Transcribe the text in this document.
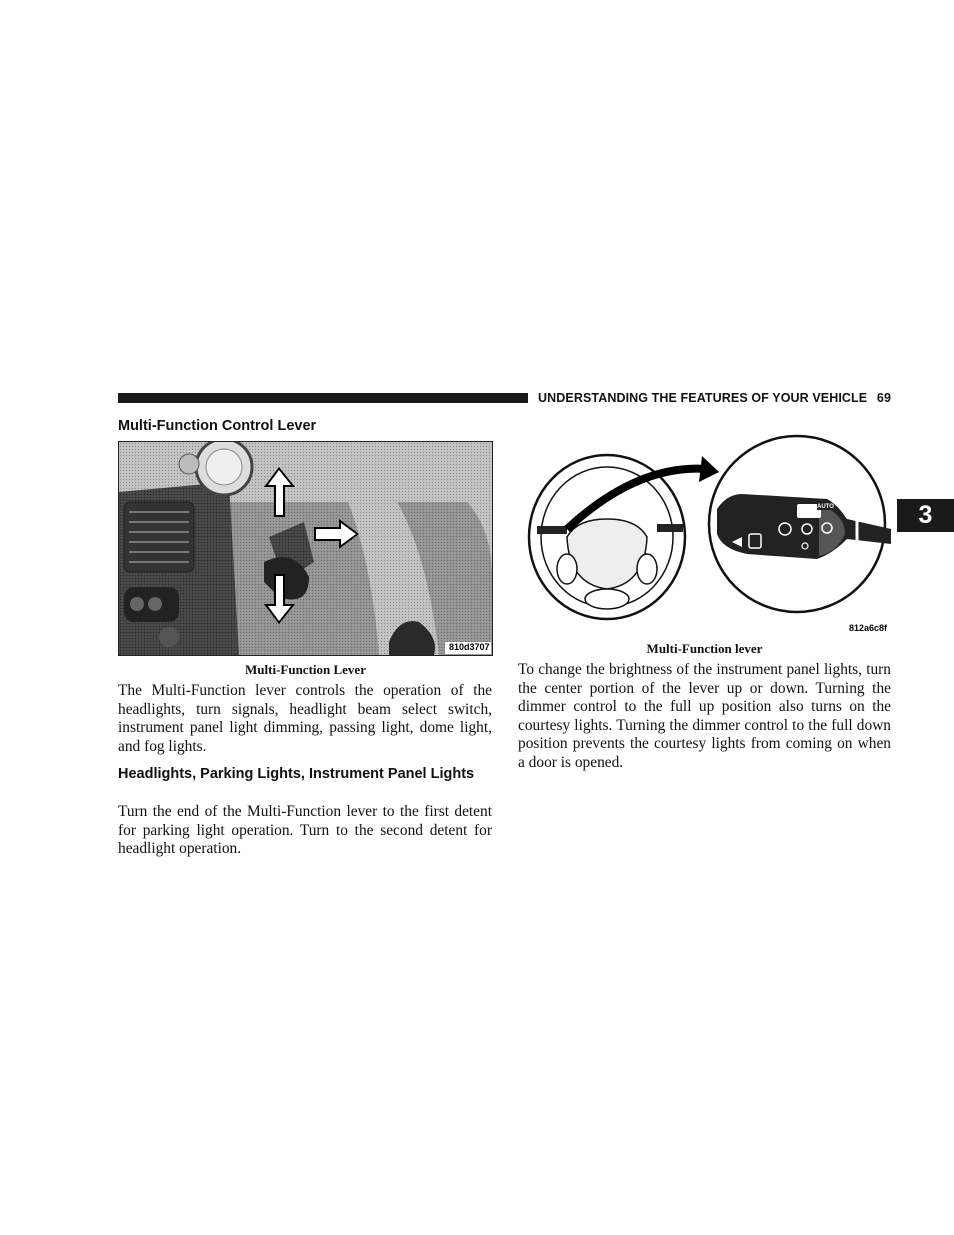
UNDERSTANDING THE FEATURES OF YOUR VEHICLE 69
3
Multi-Function Control Lever
810d3707

Multi-Function Lever

The Multi-Function lever controls the operation of the headlights, turn signals, headlight beam select switch, instrument panel light dimming, passing light, dome light, and fog lights.

Headlights, Parking Lights, Instrument Panel Lights

Turn the end of the Multi-Function lever to the first detent for parking light operation. Turn to the second detent for headlight operation.

AUTO
812a6c8f

Multi-Function lever

To change the brightness of the instrument panel lights, turn the center portion of the lever up or down. Turning the dimmer control to the full up position also turns on the courtesy lights. Turning the dimmer control to the full down position prevents the courtesy lights from coming on when a door is opened.
